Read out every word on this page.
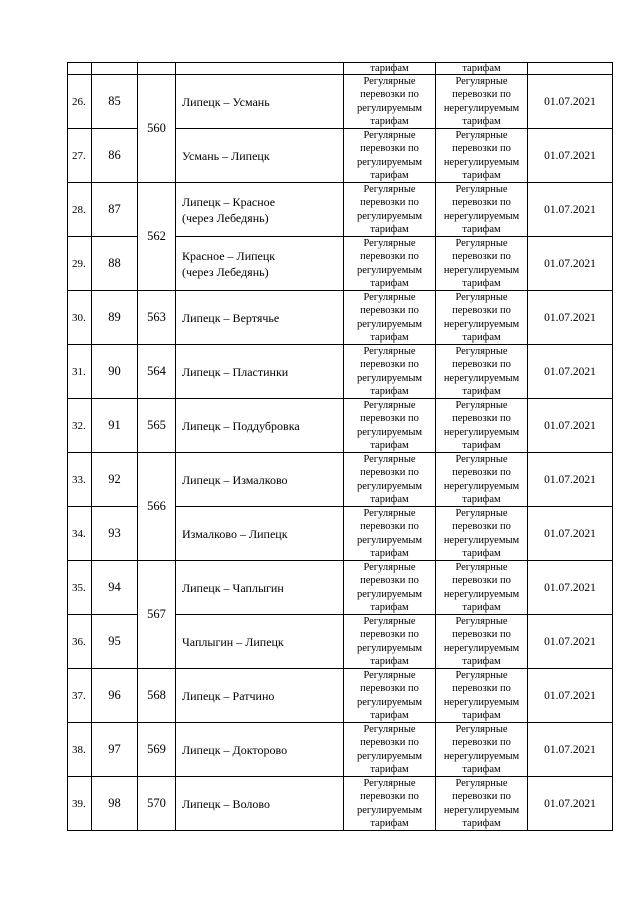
				тарифам	тарифам	
26.	85	560	Липецк – Усмань	Регулярные
перевозки по
регулируемым
тарифам	Регулярные
перевозки по
нерегулируемым
тарифам	01.07.2021
27.	86		Усмань – Липецк	Регулярные
перевозки по
регулируемым
тарифам	Регулярные
перевозки по
нерегулируемым
тарифам	01.07.2021
28.	87	562	Липецк – Красное
(через Лебедянь)	Регулярные
перевозки по
регулируемым
тарифам	Регулярные
перевозки по
нерегулируемым
тарифам	01.07.2021
29.	88		Красное – Липецк
(через Лебедянь)	Регулярные
перевозки по
регулируемым
тарифам	Регулярные
перевозки по
нерегулируемым
тарифам	01.07.2021
30.	89	563	Липецк – Вертячье	Регулярные
перевозки по
регулируемым
тарифам	Регулярные
перевозки по
нерегулируемым
тарифам	01.07.2021
31.	90	564	Липецк – Пластинки	Регулярные
перевозки по
регулируемым
тарифам	Регулярные
перевозки по
нерегулируемым
тарифам	01.07.2021
32.	91	565	Липецк – Поддубровка	Регулярные
перевозки по
регулируемым
тарифам	Регулярные
перевозки по
нерегулируемым
тарифам	01.07.2021
33.	92	566	Липецк – Измалково	Регулярные
перевозки по
регулируемым
тарифам	Регулярные
перевозки по
нерегулируемым
тарифам	01.07.2021
34.	93		Измалково – Липецк	Регулярные
перевозки по
регулируемым
тарифам	Регулярные
перевозки по
нерегулируемым
тарифам	01.07.2021
35.	94	567	Липецк – Чаплыгин	Регулярные
перевозки по
регулируемым
тарифам	Регулярные
перевозки по
нерегулируемым
тарифам	01.07.2021
36.	95		Чаплыгин – Липецк	Регулярные
перевозки по
регулируемым
тарифам	Регулярные
перевозки по
нерегулируемым
тарифам	01.07.2021
37.	96	568	Липецк – Ратчино	Регулярные
перевозки по
регулируемым
тарифам	Регулярные
перевозки по
нерегулируемым
тарифам	01.07.2021
38.	97	569	Липецк – Докторово	Регулярные
перевозки по
регулируемым
тарифам	Регулярные
перевозки по
нерегулируемым
тарифам	01.07.2021
39.	98	570	Липецк – Волово	Регулярные
перевозки по
регулируемым
тарифам	Регулярные
перевозки по
нерегулируемым
тарифам	01.07.2021
